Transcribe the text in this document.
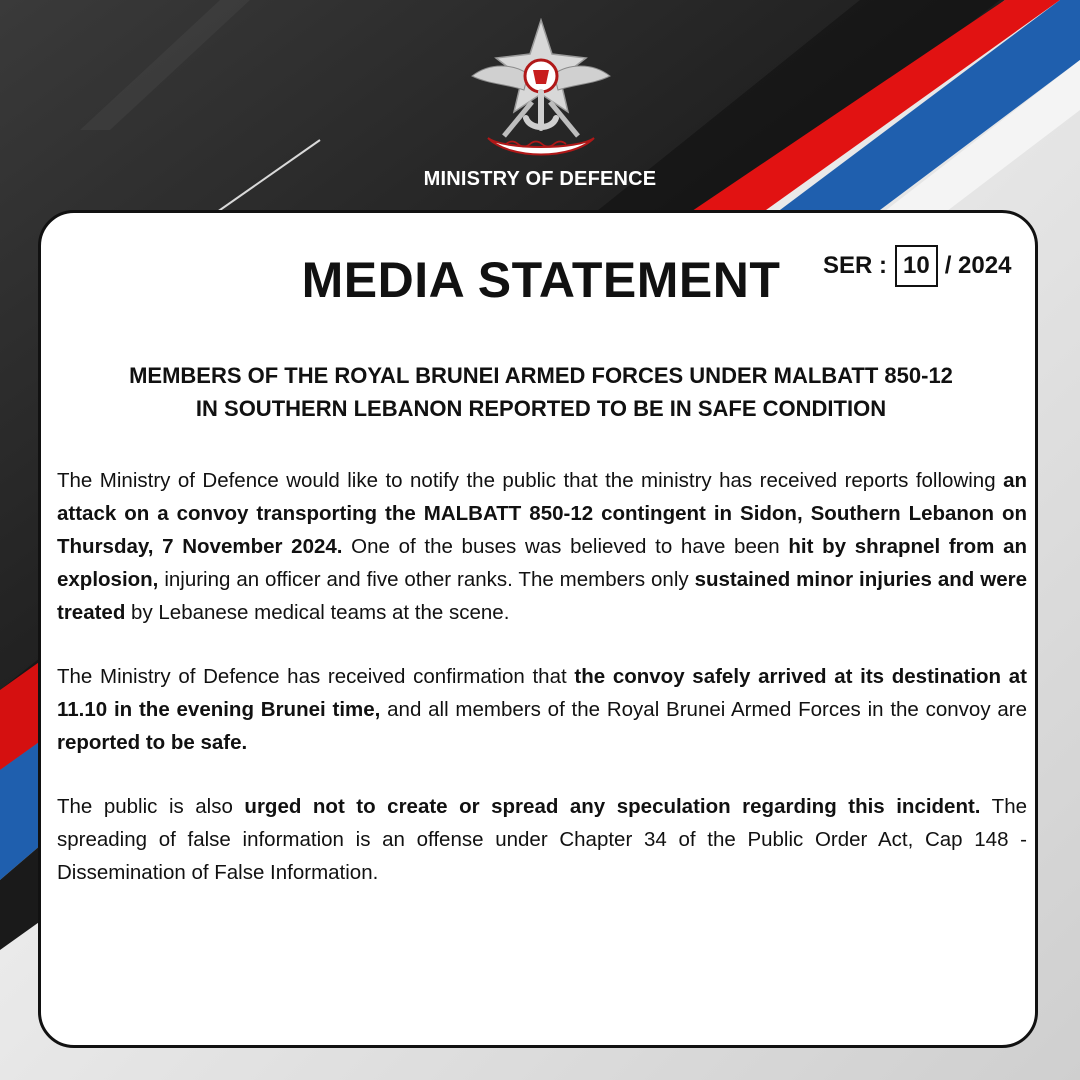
MINISTRY OF DEFENCE
MEDIA STATEMENT	SER : 10 / 2024
MEMBERS OF THE ROYAL BRUNEI ARMED FORCES UNDER MALBATT 850-12
IN SOUTHERN LEBANON REPORTED TO BE IN SAFE CONDITION

The Ministry of Defence would like to notify the public that the ministry has received reports following an attack on a convoy transporting the MALBATT 850-12 contingent in Sidon, Southern Lebanon on Thursday, 7 November 2024. One of the buses was believed to have been hit by shrapnel from an explosion, injuring an officer and five other ranks. The members only sustained minor injuries and were treated by Lebanese medical teams at the scene.

The Ministry of Defence has received confirmation that the convoy safely arrived at its destination at 11.10 in the evening Brunei time, and all members of the Royal Brunei Armed Forces in the convoy are reported to be safe.

The public is also urged not to create or spread any speculation regarding this incident. The spreading of false information is an offense under Chapter 34 of the Public Order Act, Cap 148 - Dissemination of False Information.
